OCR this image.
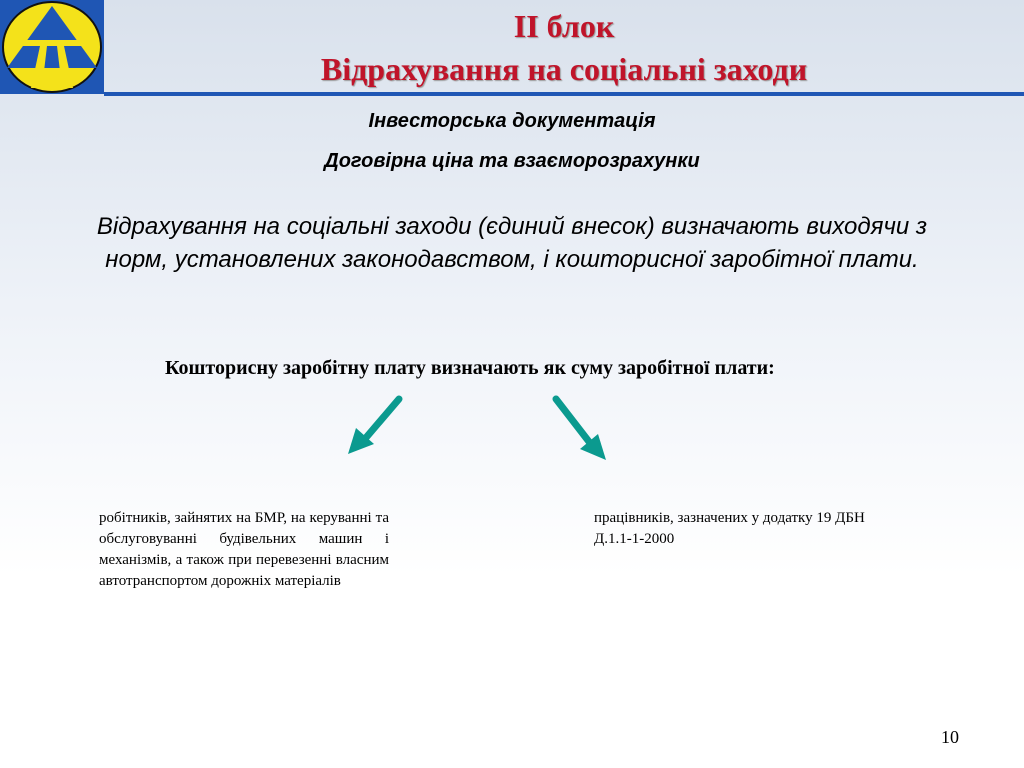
ІІ блок
Відрахування на соціальні заходи
Інвесторська документація
Договірна ціна та взаєморозрахунки
Відрахування на соціальні заходи (єдиний внесок) визначають виходячи з норм, установлених законодавством, і кошторисної заробітної плати.
Кошторисну заробітну плату визначають як суму заробітної плати:
робітників, зайнятих на БМР, на керуванні та обслуговуванні будівельних машин і механізмів, а також при перевезенні власним автотранспортом дорожніх матеріалів
працівників, зазначених у додатку 19 ДБН Д.1.1-1-2000
10
